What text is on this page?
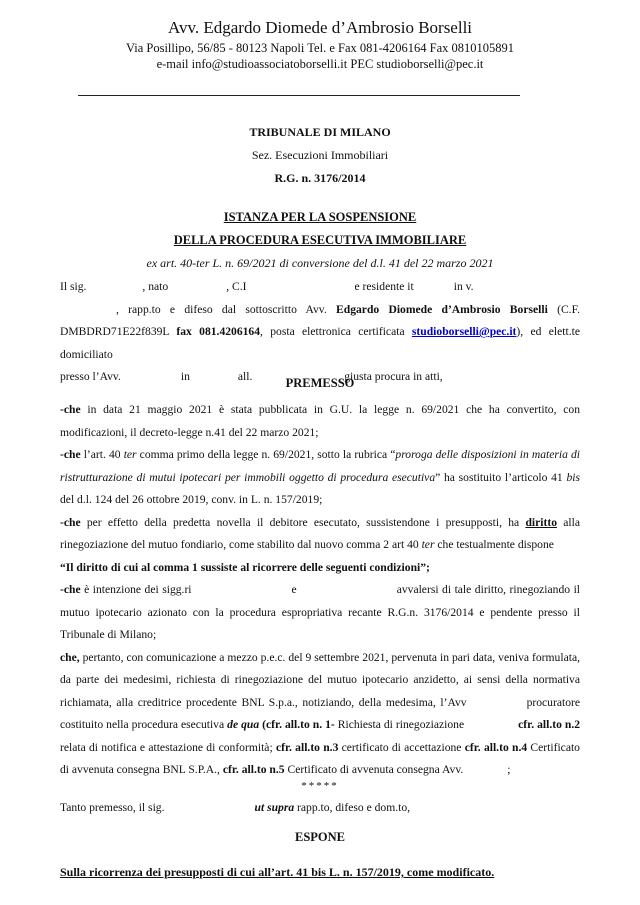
Avv. Edgardo Diomede d’Ambrosio Borselli
Via Posillipo, 56/85 - 80123 Napoli Tel. e Fax 081-4206164 Fax 0810105891
e-mail info@studioassociatoborselli.it PEC studioborselli@pec.it
TRIBUNALE DI MILANO
Sez. Esecuzioni Immobiliari
R.G. n. 3176/2014
ISTANZA PER LA SOSPENSIONE
DELLA PROCEDURA ESECUTIVA IMMOBILIARE
ex art. 40-ter L. n. 69/2021 di conversione del d.l. 41 del 22 marzo 2021
Il sig.	, nato	, C.I	e residente it	in v.
, rapp.to e difeso dal sottoscritto Avv. Edgardo Diomede d’Ambrosio Borselli (C.F. DMBDRD71E22f839L fax 081.4206164, posta elettronica certificata studioborselli@pec.it), ed elett.te domiciliato
presso l’Avv.	in	all.	, giusta procura in atti,
PREMESSO
-che in data 21 maggio 2021 è stata pubblicata in G.U. la legge n. 69/2021 che ha convertito, con modificazioni, il decreto-legge n.41 del 22 marzo 2021;
-che l’art. 40 ter comma primo della legge n. 69/2021, sotto la rubrica “proroga delle disposizioni in materia di ristrutturazione di mutui ipotecari per immobili oggetto di procedura esecutiva” ha sostituito l’articolo 41 bis del d.l. 124 del 26 ottobre 2019, conv. in L. n. 157/2019;
-che per effetto della predetta novella il debitore esecutato, sussistendone i presupposti, ha diritto alla rinegoziazione del mutuo fondiario, come stabilito dal nuovo comma 2 art 40 ter che testualmente dispone
“Il diritto di cui al comma 1 sussiste al ricorrere delle seguenti condizioni”;
-che è intenzione dei sigg.ri	e	avvalersi di tale diritto, rinegoziando il mutuo ipotecario azionato con la procedura espropriativa recante R.G.n. 3176/2014 e pendente presso il Tribunale di Milano;
che, pertanto, con comunicazione a mezzo p.e.c. del 9 settembre 2021, pervenuta in pari data, veniva formulata, da parte dei medesimi, richiesta di rinegoziazione del mutuo ipotecario anzidetto, ai sensi della normativa richiamata, alla creditrice procedente BNL S.p.a., notiziando, della medesima, l’Avv	procuratore costituito nella procedura esecutiva de qua (cfr. all.to n. 1- Richiesta di rinegoziazione	cfr. all.to n.2 relata di notifica e attestazione di conformità; cfr. all.to n.3 certificato di accettazione cfr. all.to n.4 Certificato di avvenuta consegna BNL S.P.A., cfr. all.to n.5 Certificato di avvenuta consegna Avv.	;
*****
Tanto premesso, il sig.	ut supra rapp.to, difeso e dom.to,
ESPONE
Sulla ricorrenza dei presupposti di cui all’art. 41 bis L. n. 157/2019, come modificato.
